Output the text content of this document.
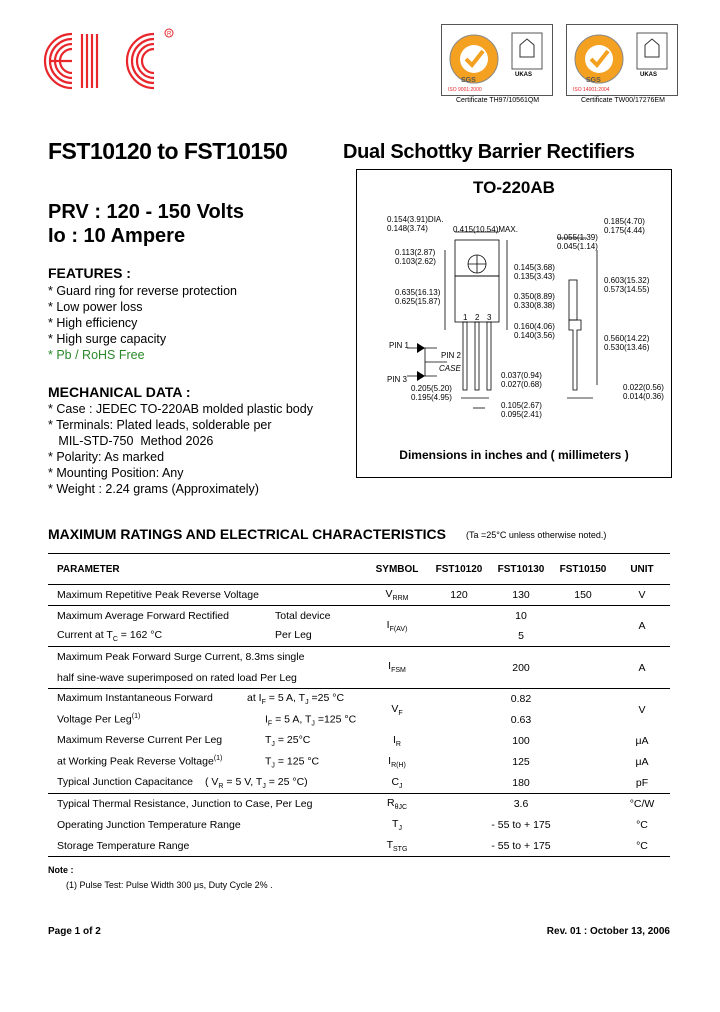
R
SGS
UKAS
ISO 9001:2000
SGS
UKAS
ISO 14001:2004
Certificate TH97/10561QM	Certificate TW00/17276EM
FST10120 to FST10150	Dual Schottky Barrier Rectifiers
PRV : 120 - 150 Volts
Io : 10 Ampere
FEATURES :
* Guard ring for reverse protection
* Low power loss
* High efficiency
* High surge capacity
* Pb / RoHS Free
MECHANICAL DATA :
* Case : JEDEC TO-220AB molded plastic body
* Terminals: Plated leads, solderable per
MIL-STD-750  Method 2026
* Polarity: As marked
* Mounting Position: Any
* Weight : 2.24 grams (Approximately)
TO-220AB
0.154(3.91)DIA.
0.148(3.74)	0.415(10.54)MAX.
0.055(1.39)
0.045(1.14)
0.185(4.70)
0.175(4.44)
0.113(2.87)
0.103(2.62)
0.145(3.68)
0.135(3.43)	0.603(15.32)
0.573(14.55)
0.635(16.13)
0.625(15.87)
0.350(8.89)
0.330(8.38)
0.160(4.06)
0.140(3.56)	0.560(14.22)
0.530(13.46)
0.037(0.94)
0.027(0.68)
0.205(5.20)
0.195(4.95)
0.105(2.67)
0.095(2.41)
0.022(0.56)
0.014(0.36)
PIN 1
PIN 2
CASE
PIN 3
1 2 3
Dimensions in inches and ( millimeters )
MAXIMUM RATINGS AND ELECTRICAL CHARACTERISTICS (Ta =25°C unless otherwise noted.)
PARAMETER	SYMBOL	FST10120	FST10130	FST10150	UNIT
Maximum Repetitive Peak Reverse Voltage	$V_{RRM}$	120	130	150	V
Maximum Average Forward Rectified Total device	$I_{F(AV)}$	10			A
Current at $T_C = 162$ °C Per Leg		5			
Maximum Peak Forward Surge Current, 8.3ms single	$I_{FSM}$	200			A
half sine-wave superimposed on rated load Per Leg					
Maximum Instantaneous Forward at $I_F = 5$ A, $T_J =25$ °C	$V_F$	0.82			V
Voltage Per Leg$^{(1)}$ $I_F = 5$ A, $T_J =125$ °C		0.63			
Maximum Reverse Current Per Leg $T_J = 25^\circ C$	$I_R$	100			μA
at Working Peak Reverse Voltage$^{(1)}$ $T_J = 125$ °C	$I_{R(H)}$	125			μA
Typical Junction Capacitance ( $V_R = 5$ V, $T_J = 25$ °C)	$C_J$	180			pF
Typical Thermal Resistance, Junction to Case, Per Leg	$R_{\theta JC}$	3.6			°C/W
Operating Junction Temperature Range	$T_J$	- 55 to + 175			°C
Storage Temperature Range	$T_{STG}$	- 55 to + 175			°C
Note :
(1) Pulse Test: Pulse Width 300 μs, Duty Cycle 2% .
Page 1 of 2	Rev. 01 : October 13, 2006
